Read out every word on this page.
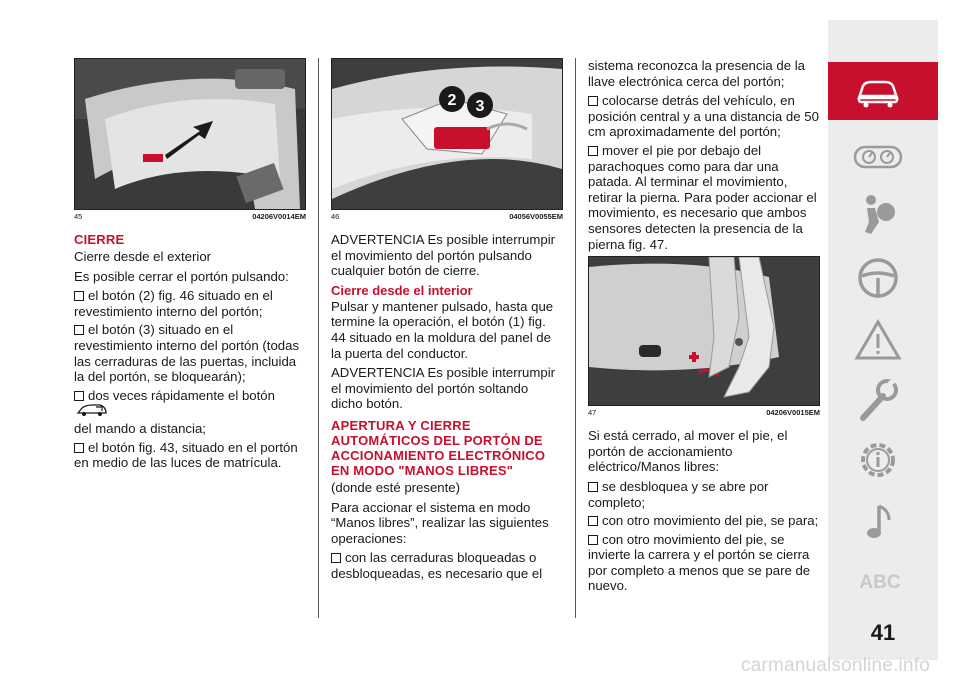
45	04206V0014EM
CIERRE

Cierre desde el exterior

Es posible cerrar el portón pulsando:

el botón (2) fig. 46 situado en el revestimiento interno del portón;
el botón (3) situado en el revestimiento interno del portón (todas las cerraduras de las puertas, incluida la del portón, se bloquearán);
dos veces rápidamente el botón
del mando a distancia;
el botón fig. 43, situado en el portón en medio de las luces de matrícula.
2 3
46	04056V0055EM

ADVERTENCIA Es posible interrumpir el movimiento del portón pulsando cualquier botón de cierre.

Cierre desde el interior

Pulsar y mantener pulsado, hasta que termine la operación, el botón (1) fig. 44 situado en la moldura del panel de la puerta del conductor.

ADVERTENCIA Es posible interrumpir el movimiento del portón soltando dicho botón.

APERTURA Y CIERRE AUTOMÁTICOS DEL PORTÓN DE ACCIONAMIENTO ELECTRÓNICO EN MODO "MANOS LIBRES"

(donde esté presente)

Para accionar el sistema en modo “Manos libres”, realizar las siguientes operaciones:

con las cerraduras bloqueadas o desbloqueadas, es necesario que el

sistema reconozca la presencia de la llave electrónica cerca del portón;

colocarse detrás del vehículo, en posición central y a una distancia de 50 cm aproximadamente del portón;
mover el pie por debajo del parachoques como para dar una patada. Al terminar el movimiento, retirar la pierna. Para poder accionar el movimiento, es necesario que ambos sensores detecten la presencia de la pierna fig. 47.
47	04206V0015EM

Si está cerrado, al mover el pie, el portón de accionamiento eléctrico/Manos libres:

se desbloquea y se abre por completo;
con otro movimiento del pie, se para;
con otro movimiento del pie, se invierte la carrera y el portón se cierra por completo a menos que se pare de nuevo.	ABC
41
carmanualsonline.info
